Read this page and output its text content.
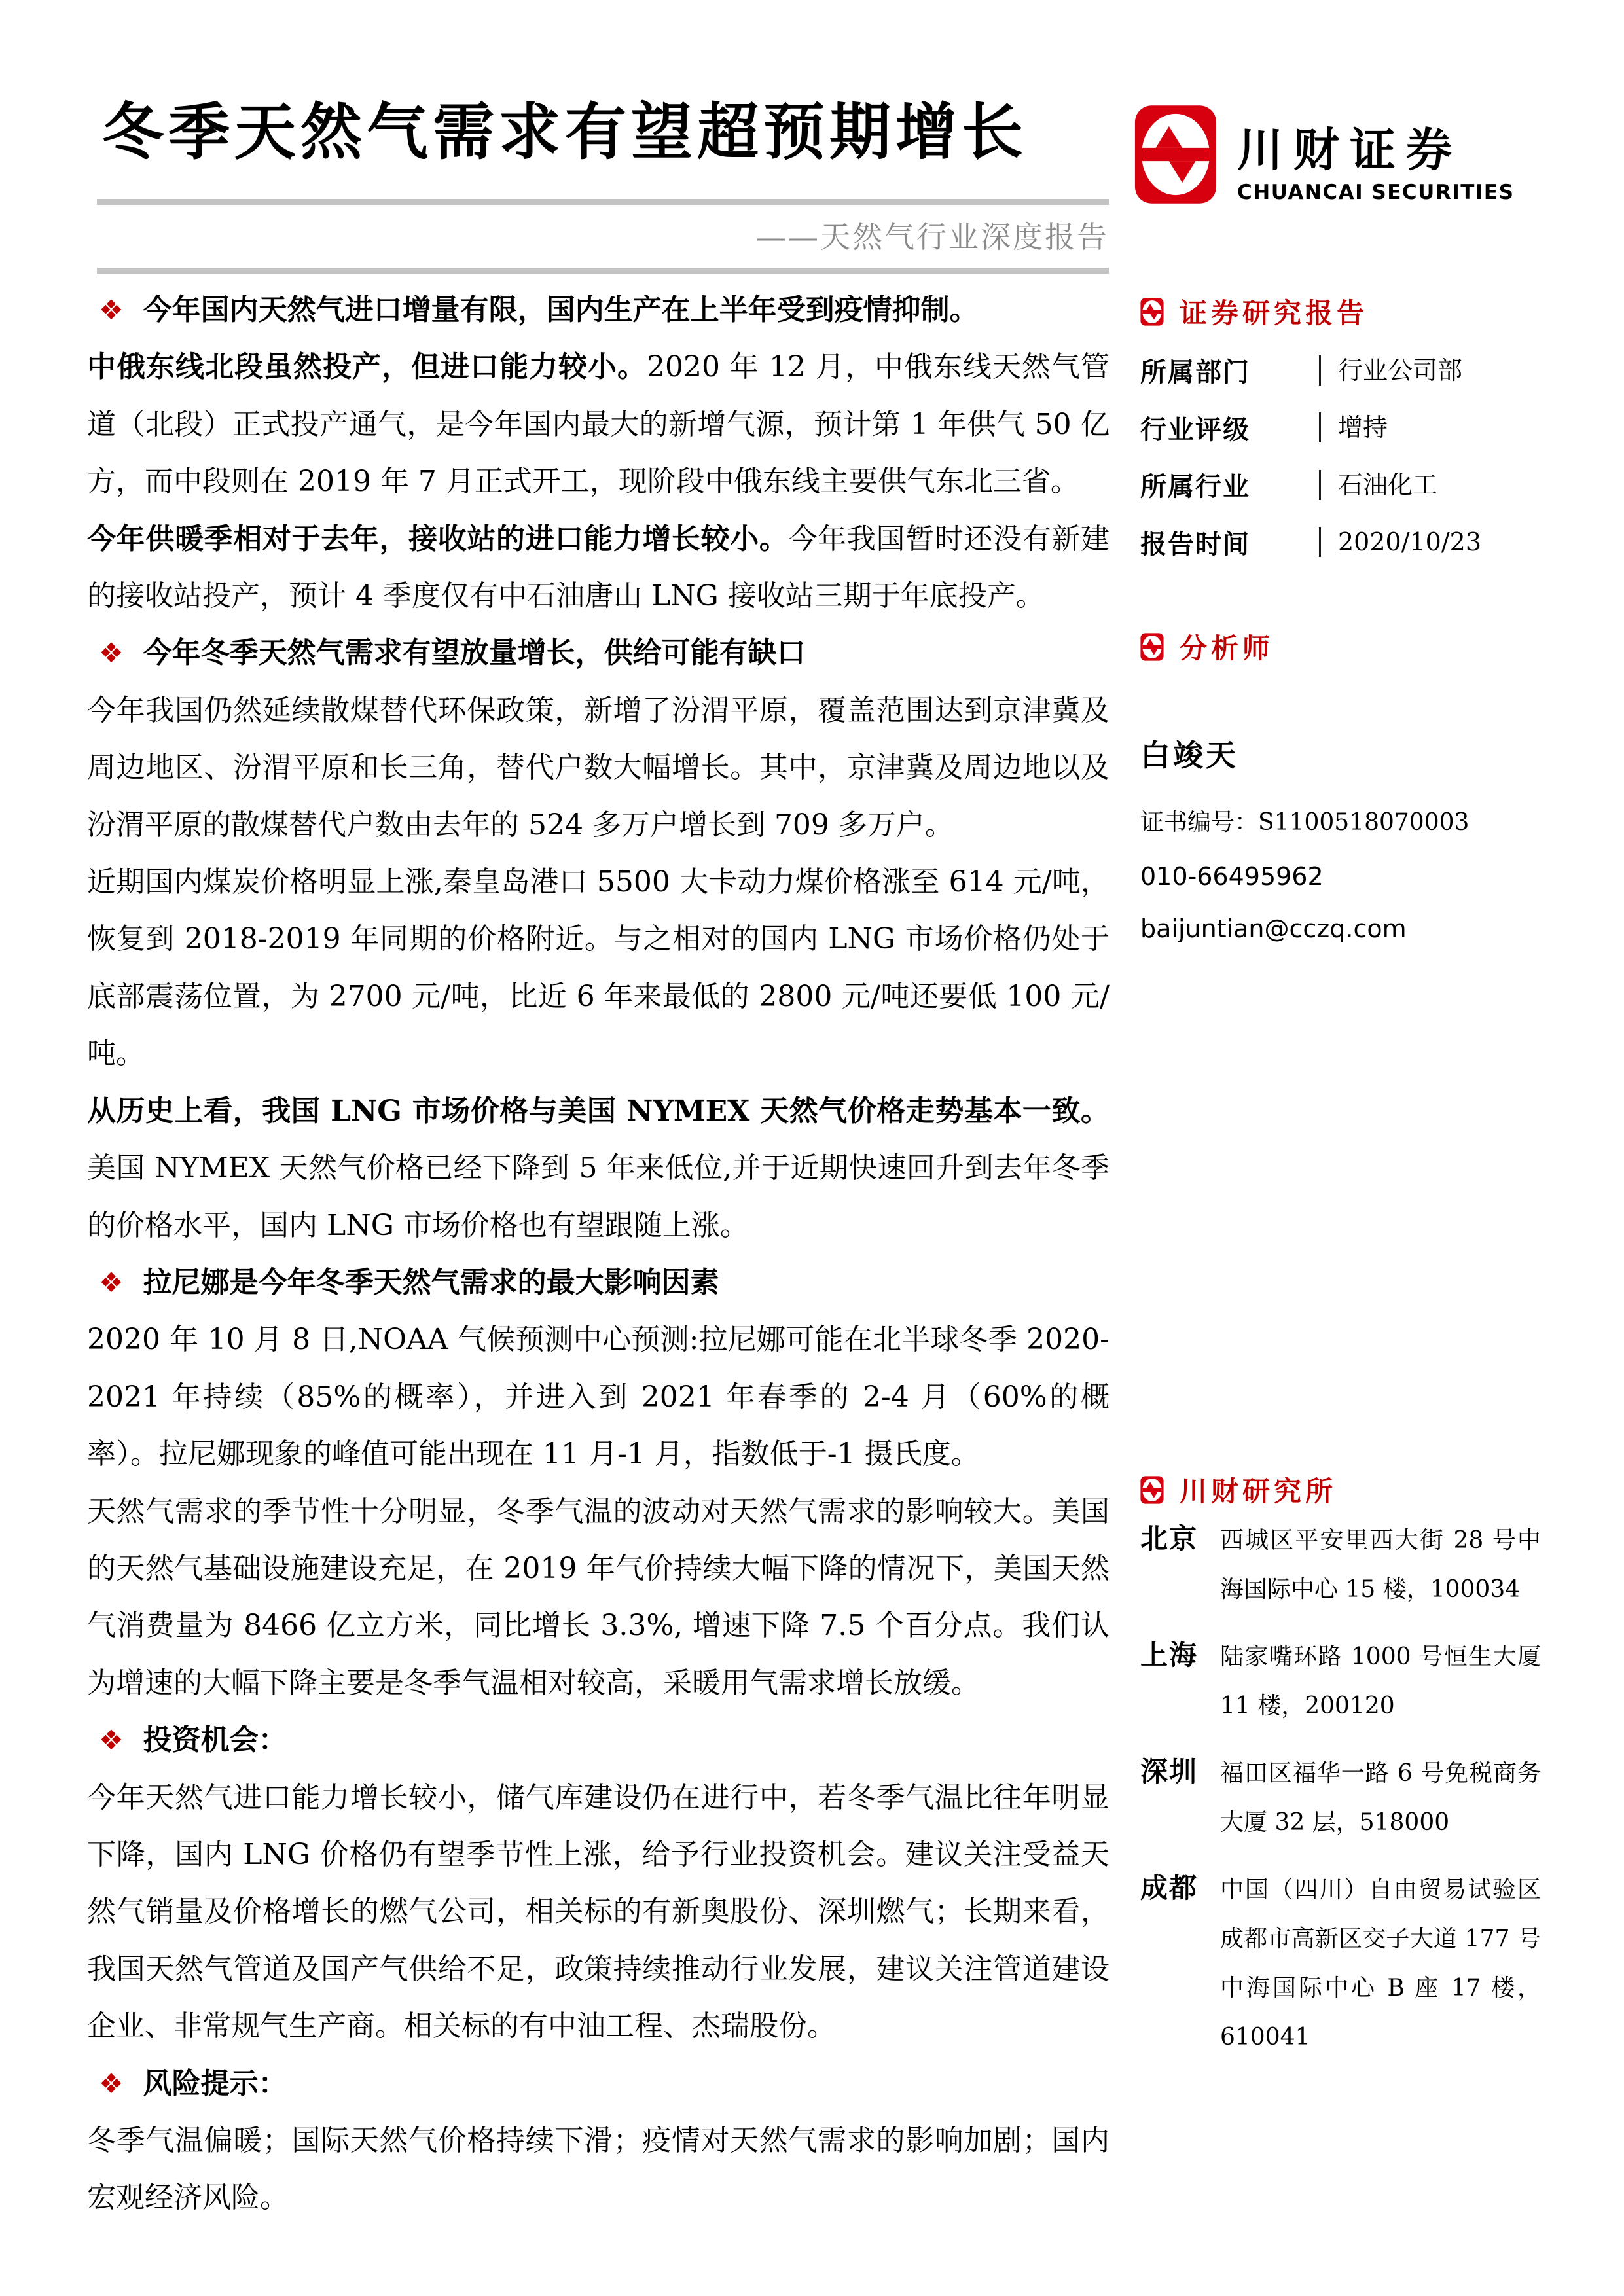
冬季天然气需求有望超预期增长	川财证券
CHUANCAI SECURITIES
——天然气行业深度报告

❖ 今年国内天然气进口增量有限，国内生产在上半年受到疫情抑制。

中俄东线北段虽然投产，但进口能力较小。2020 年 12 月，中俄东线天然气管道（北段）正式投产通气，是今年国内最大的新增气源，预计第 1 年供气 50 亿方，而中段则在 2019 年 7 月正式开工，现阶段中俄东线主要供气东北三省。

今年供暖季相对于去年，接收站的进口能力增长较小。今年我国暂时还没有新建的接收站投产，预计 4 季度仅有中石油唐山 LNG 接收站三期于年底投产。

❖ 今年冬季天然气需求有望放量增长，供给可能有缺口

今年我国仍然延续散煤替代环保政策，新增了汾渭平原，覆盖范围达到京津冀及周边地区、汾渭平原和长三角，替代户数大幅增长。其中，京津冀及周边地以及汾渭平原的散煤替代户数由去年的 524 多万户增长到 709 多万户。

近期国内煤炭价格明显上涨,秦皇岛港口 5500 大卡动力煤价格涨至 614 元/吨，恢复到 2018-2019 年同期的价格附近。与之相对的国内 LNG 市场价格仍处于底部震荡位置，为 2700 元/吨，比近 6 年来最低的 2800 元/吨还要低 100 元/吨。

从历史上看，我国 LNG 市场价格与美国 NYMEX 天然气价格走势基本一致。美国 NYMEX 天然气价格已经下降到 5 年来低位,并于近期快速回升到去年冬季的价格水平，国内 LNG 市场价格也有望跟随上涨。

❖ 拉尼娜是今年冬季天然气需求的最大影响因素

2020 年 10 月 8 日,NOAA 气候预测中心预测:拉尼娜可能在北半球冬季 2020-2021 年持续（85%的概率），并进入到 2021 年春季的 2-4 月（60%的概率）。拉尼娜现象的峰值可能出现在 11 月-1 月，指数低于-1 摄氏度。

天然气需求的季节性十分明显，冬季气温的波动对天然气需求的影响较大。美国的天然气基础设施建设充足，在 2019 年气价持续大幅下降的情况下，美国天然气消费量为 8466 亿立方米，同比增长 3.3%, 增速下降 7.5 个百分点。我们认为增速的大幅下降主要是冬季气温相对较高，采暖用气需求增长放缓。

❖ 投资机会：

今年天然气进口能力增长较小，储气库建设仍在进行中，若冬季气温比往年明显下降，国内 LNG 价格仍有望季节性上涨，给予行业投资机会。建议关注受益天然气销量及价格增长的燃气公司，相关标的有新奥股份、深圳燃气；长期来看，我国天然气管道及国产气供给不足，政策持续推动行业发展，建议关注管道建设企业、非常规气生产商。相关标的有中油工程、杰瑞股份。

❖ 风险提示：

冬季气温偏暖；国际天然气价格持续下滑；疫情对天然气需求的影响加剧；国内宏观经济风险。

证券研究报告
所属部门	行业公司部
行业评级	增持
所属行业	石油化工
报告时间	2020/10/23
分析师
白竣天
证书编号：S1100518070003
010-66495962
baijuntian@cczq.com
川财研究所
北京 西城区平安里西大街 28 号中海国际中心 15 楼，100034
上海 陆家嘴环路 1000 号恒生大厦 11 楼，200120
深圳 福田区福华一路 6 号免税商务大厦 32 层，518000
成都 中国（四川）自由贸易试验区成都市高新区交子大道 177 号中海国际中心 B 座 17 楼，610041
